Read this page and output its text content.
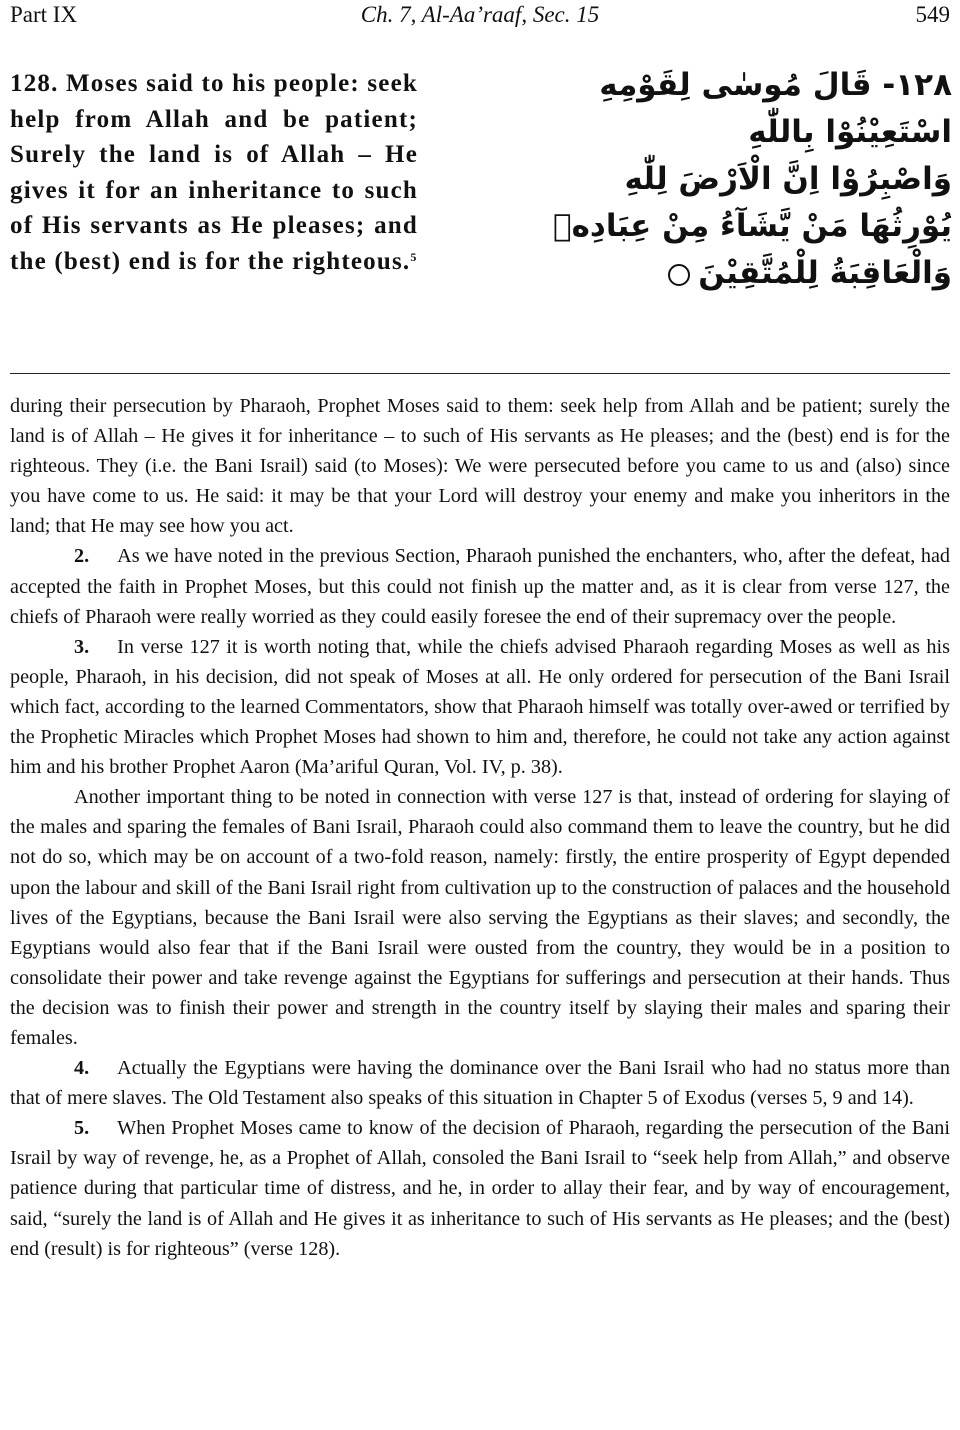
Part IX	Ch. 7, Al-Aa’raaf, Sec. 15	549
128. Moses said to his people: seek help from Allah and be patient; Surely the land is of Allah – He gives it for an inheritance to such of His servants as He pleases; and the (best) end is for the righteous.$^5$
١٢٨- قَالَ مُوسٰى لِقَوْمِهِ
اسْتَعِيْنُوْا بِاللّٰهِ
وَاصْبِرُوْا اِنَّ الْاَرْضَ لِلّٰهِ
يُوْرِثُهَا مَنْ يَّشَآءُ مِنْ عِبَادِهٖ
وَالْعَاقِبَةُ لِلْمُتَّقِيْنَ

during their persecution by Pharaoh, Prophet Moses said to them: seek help from Allah and be patient; surely the land is of Allah – He gives it for inheritance – to such of His servants as He pleases; and the (best) end is for the righteous. They (i.e. the Bani Israil) said (to Moses): We were persecuted before you came to us and (also) since you have come to us. He said: it may be that your Lord will destroy your enemy and make you inheritors in the land; that He may see how you act.

2. As we have noted in the previous Section, Pharaoh punished the enchanters, who, after the defeat, had accepted the faith in Prophet Moses, but this could not finish up the matter and, as it is clear from verse 127, the chiefs of Pharaoh were really worried as they could easily foresee the end of their supremacy over the people.

3. In verse 127 it is worth noting that, while the chiefs advised Pharaoh regarding Moses as well as his people, Pharaoh, in his decision, did not speak of Moses at all. He only ordered for persecution of the Bani Israil which fact, according to the learned Commentators, show that Pharaoh himself was totally over-awed or terrified by the Prophetic Miracles which Prophet Moses had shown to him and, therefore, he could not take any action against him and his brother Prophet Aaron (Ma’ariful Quran, Vol. IV, p. 38).

Another important thing to be noted in connection with verse 127 is that, instead of ordering for slaying of the males and sparing the females of Bani Israil, Pharaoh could also command them to leave the country, but he did not do so, which may be on account of a two-fold reason, namely: firstly, the entire prosperity of Egypt depended upon the labour and skill of the Bani Israil right from cultivation up to the construction of palaces and the household lives of the Egyptians, because the Bani Israil were also serving the Egyptians as their slaves; and secondly, the Egyptians would also fear that if the Bani Israil were ousted from the country, they would be in a position to consolidate their power and take revenge against the Egyptians for sufferings and persecution at their hands. Thus the decision was to finish their power and strength in the country itself by slaying their males and sparing their females.

4. Actually the Egyptians were having the dominance over the Bani Israil who had no status more than that of mere slaves. The Old Testament also speaks of this situation in Chapter 5 of Exodus (verses 5, 9 and 14).

5. When Prophet Moses came to know of the decision of Pharaoh, regarding the persecution of the Bani Israil by way of revenge, he, as a Prophet of Allah, consoled the Bani Israil to “seek help from Allah,” and observe patience during that particular time of distress, and he, in order to allay their fear, and by way of encouragement, said, “surely the land is of Allah and He gives it as inheritance to such of His servants as He pleases; and the (best) end (result) is for righteous” (verse 128).
